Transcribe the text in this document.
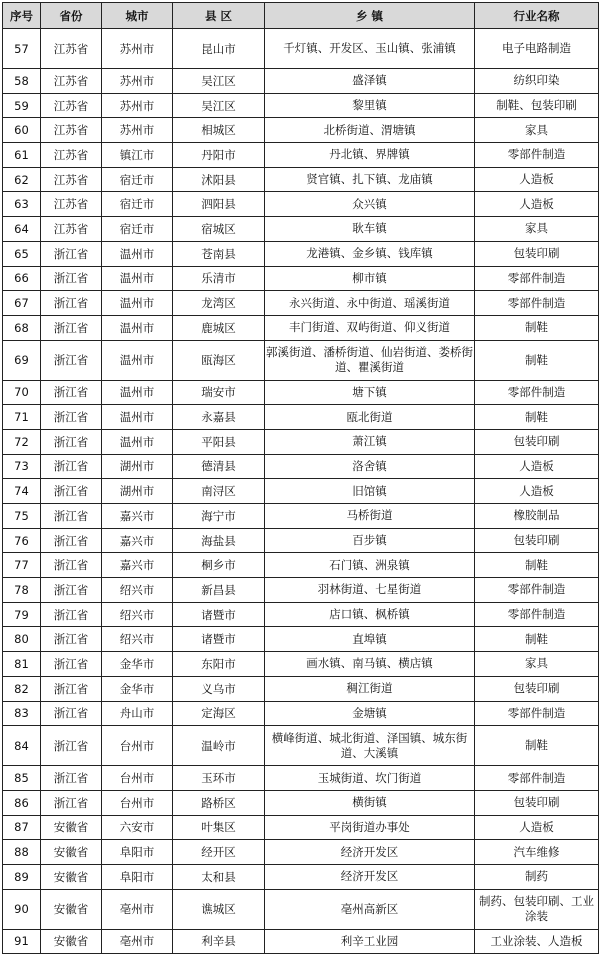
序号	省份	城市	县 区	乡 镇	行业名称
57	江苏省	苏州市	昆山市	千灯镇、开发区、玉山镇、张浦镇	电子电路制造
58	江苏省	苏州市	吴江区	盛泽镇	纺织印染
59	江苏省	苏州市	吴江区	黎里镇	制鞋、包装印刷
60	江苏省	苏州市	相城区	北桥街道、渭塘镇	家具
61	江苏省	镇江市	丹阳市	丹北镇、界牌镇	零部件制造
62	江苏省	宿迁市	沭阳县	贤官镇、扎下镇、龙庙镇	人造板
63	江苏省	宿迁市	泗阳县	众兴镇	人造板
64	江苏省	宿迁市	宿城区	耿车镇	家具
65	浙江省	温州市	苍南县	龙港镇、金乡镇、钱库镇	包装印刷
66	浙江省	温州市	乐清市	柳市镇	零部件制造
67	浙江省	温州市	龙湾区	永兴街道、永中街道、瑶溪街道	零部件制造
68	浙江省	温州市	鹿城区	丰门街道、双屿街道、仰义街道	制鞋
69	浙江省	温州市	瓯海区	郭溪街道、潘桥街道、仙岩街道、娄桥街道、瞿溪街道	制鞋
70	浙江省	温州市	瑞安市	塘下镇	零部件制造
71	浙江省	温州市	永嘉县	瓯北街道	制鞋
72	浙江省	温州市	平阳县	萧江镇	包装印刷
73	浙江省	湖州市	德清县	洛舍镇	人造板
74	浙江省	湖州市	南浔区	旧馆镇	人造板
75	浙江省	嘉兴市	海宁市	马桥街道	橡胶制品
76	浙江省	嘉兴市	海盐县	百步镇	包装印刷
77	浙江省	嘉兴市	桐乡市	石门镇、洲泉镇	制鞋
78	浙江省	绍兴市	新昌县	羽林街道、七星街道	零部件制造
79	浙江省	绍兴市	诸暨市	店口镇、枫桥镇	零部件制造
80	浙江省	绍兴市	诸暨市	直埠镇	制鞋
81	浙江省	金华市	东阳市	画水镇、南马镇、横店镇	家具
82	浙江省	金华市	义乌市	稠江街道	包装印刷
83	浙江省	舟山市	定海区	金塘镇	零部件制造
84	浙江省	台州市	温岭市	横峰街道、城北街道、泽国镇、城东街道、大溪镇	制鞋
85	浙江省	台州市	玉环市	玉城街道、坎门街道	零部件制造
86	浙江省	台州市	路桥区	横街镇	包装印刷
87	安徽省	六安市	叶集区	平岗街道办事处	人造板
88	安徽省	阜阳市	经开区	经济开发区	汽车维修
89	安徽省	阜阳市	太和县	经济开发区	制药
90	安徽省	亳州市	谯城区	亳州高新区	制药、包装印刷、工业涂装
91	安徽省	亳州市	利辛县	利辛工业园	工业涂装、人造板
